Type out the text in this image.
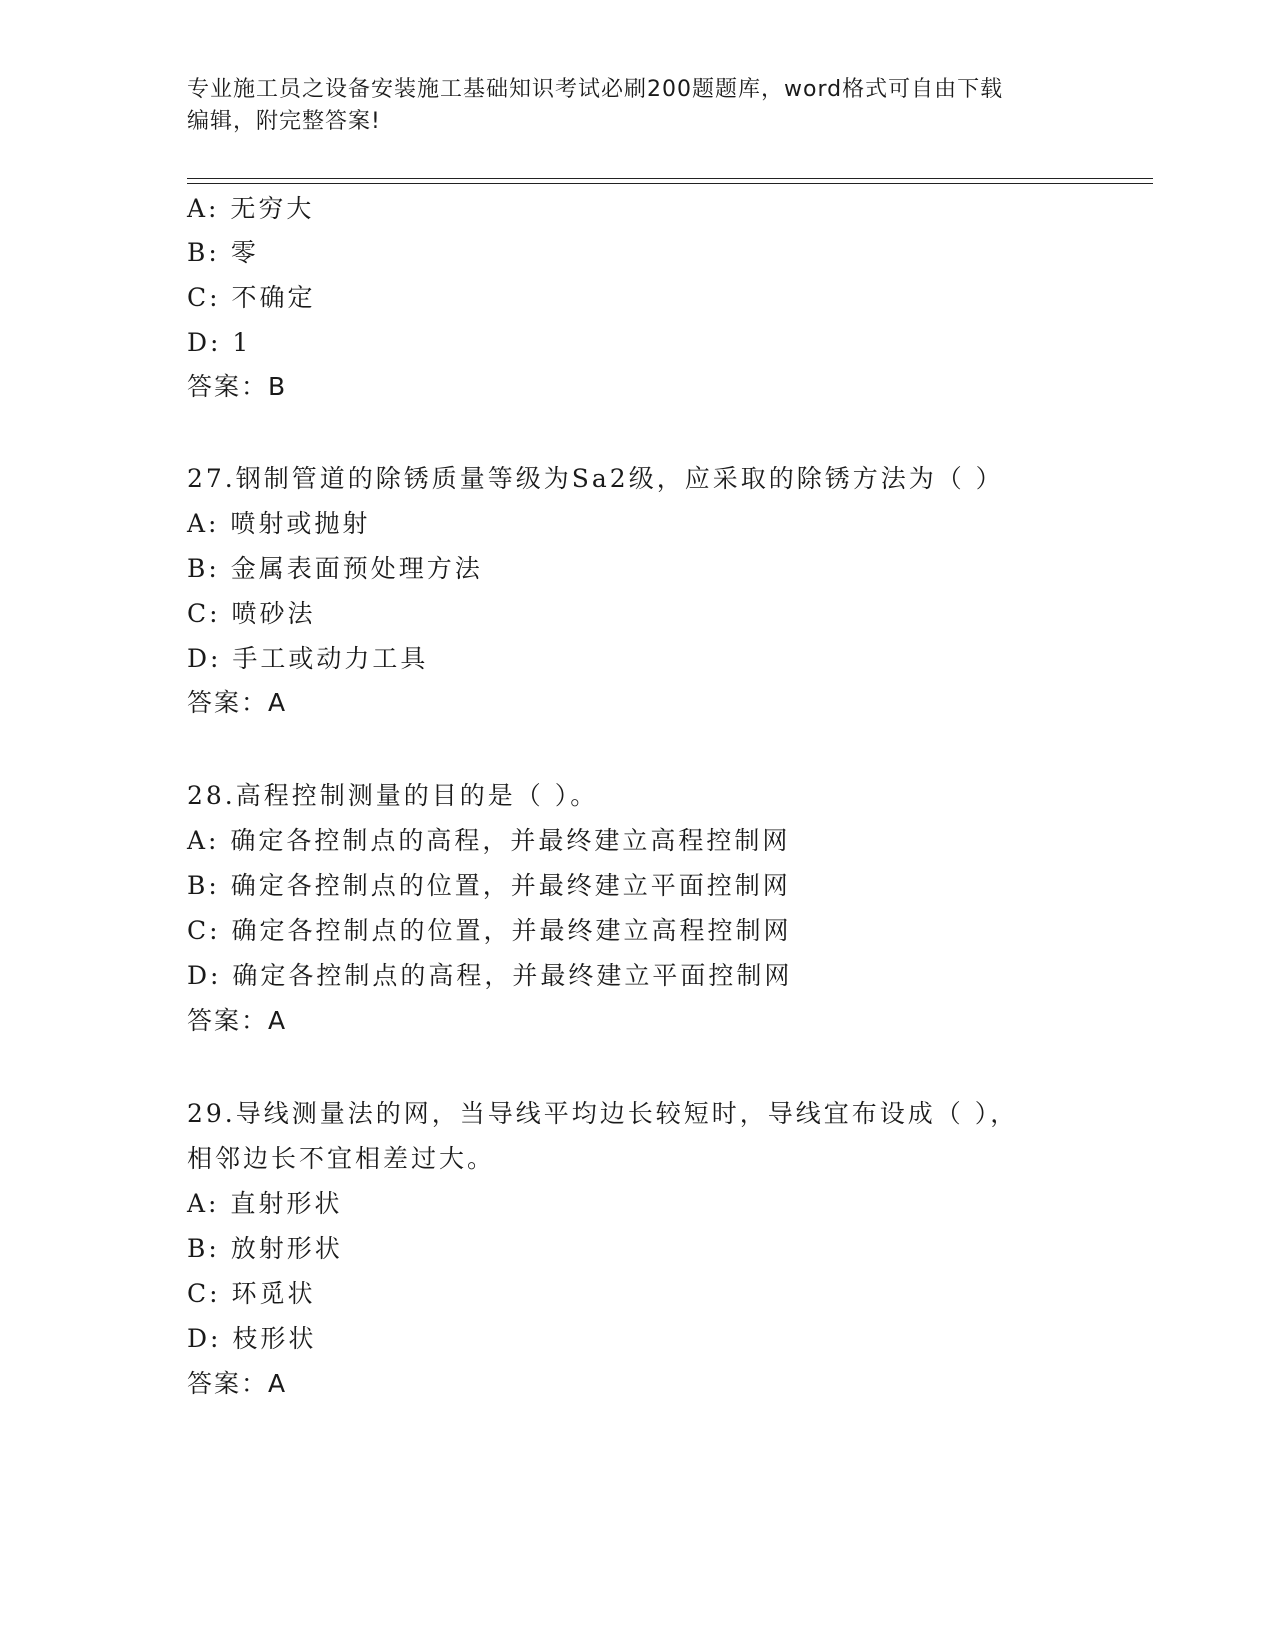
专业施工员之设备安装施工基础知识考试必刷200题题库，word格式可自由下载
编辑，附完整答案!
A: 无穷大
B: 零
C: 不确定
D: 1
答案：B
27.钢制管道的除锈质量等级为Sa2级，应采取的除锈方法为（ ）
A: 喷射或抛射
B: 金属表面预处理方法
C: 喷砂法
D: 手工或动力工具
答案：A
28.高程控制测量的目的是（ ）。
A: 确定各控制点的高程，并最终建立高程控制网
B: 确定各控制点的位置，并最终建立平面控制网
C: 确定各控制点的位置，并最终建立高程控制网
D: 确定各控制点的高程，并最终建立平面控制网
答案：A
29.导线测量法的网，当导线平均边长较短时，导线宜布设成（ ），
相邻边长不宜相差过大。
A: 直射形状
B: 放射形状
C: 环觅状
D: 枝形状
答案：A
